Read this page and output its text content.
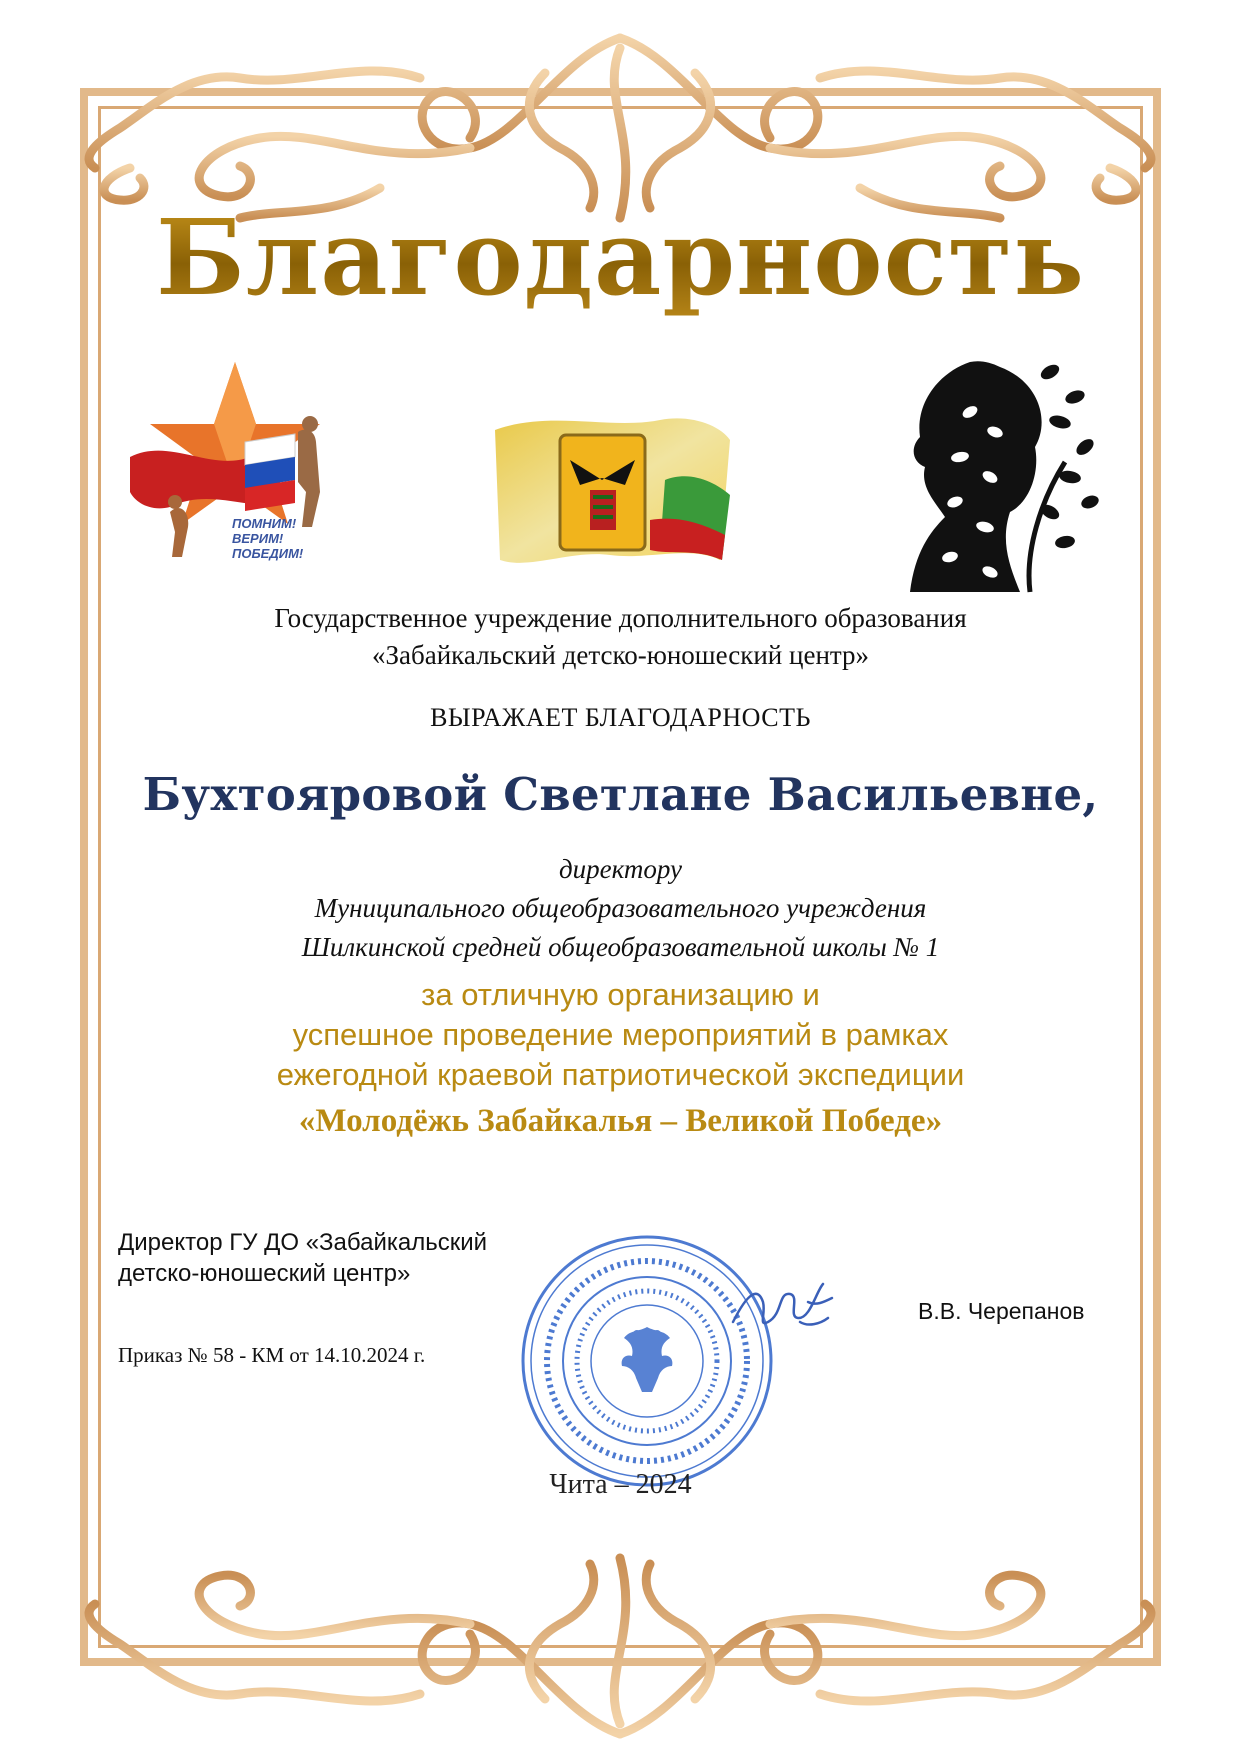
Благодарность
ПОМНИМ!
ВЕРИМ!
ПОБЕДИМ!
Государственное учреждение дополнительного образования
«Забайкальский детско-юношеский центр»
ВЫРАЖАЕТ БЛАГОДАРНОСТЬ
Бухтояровой Светлане Васильевне,
директору
Муниципального общеобразовательного учреждения
Шилкинской средней общеобразовательной школы № 1
за отличную организацию и
успешное проведение мероприятий в рамках
ежегодной краевой патриотической экспедиции
«Молодёжь Забайкалья – Великой Победе»
Директор ГУ ДО «Забайкальский
детско-юношеский центр»
В.В. Черепанов
Приказ № 58 - КМ от 14.10.2024 г.
Чита – 2024
